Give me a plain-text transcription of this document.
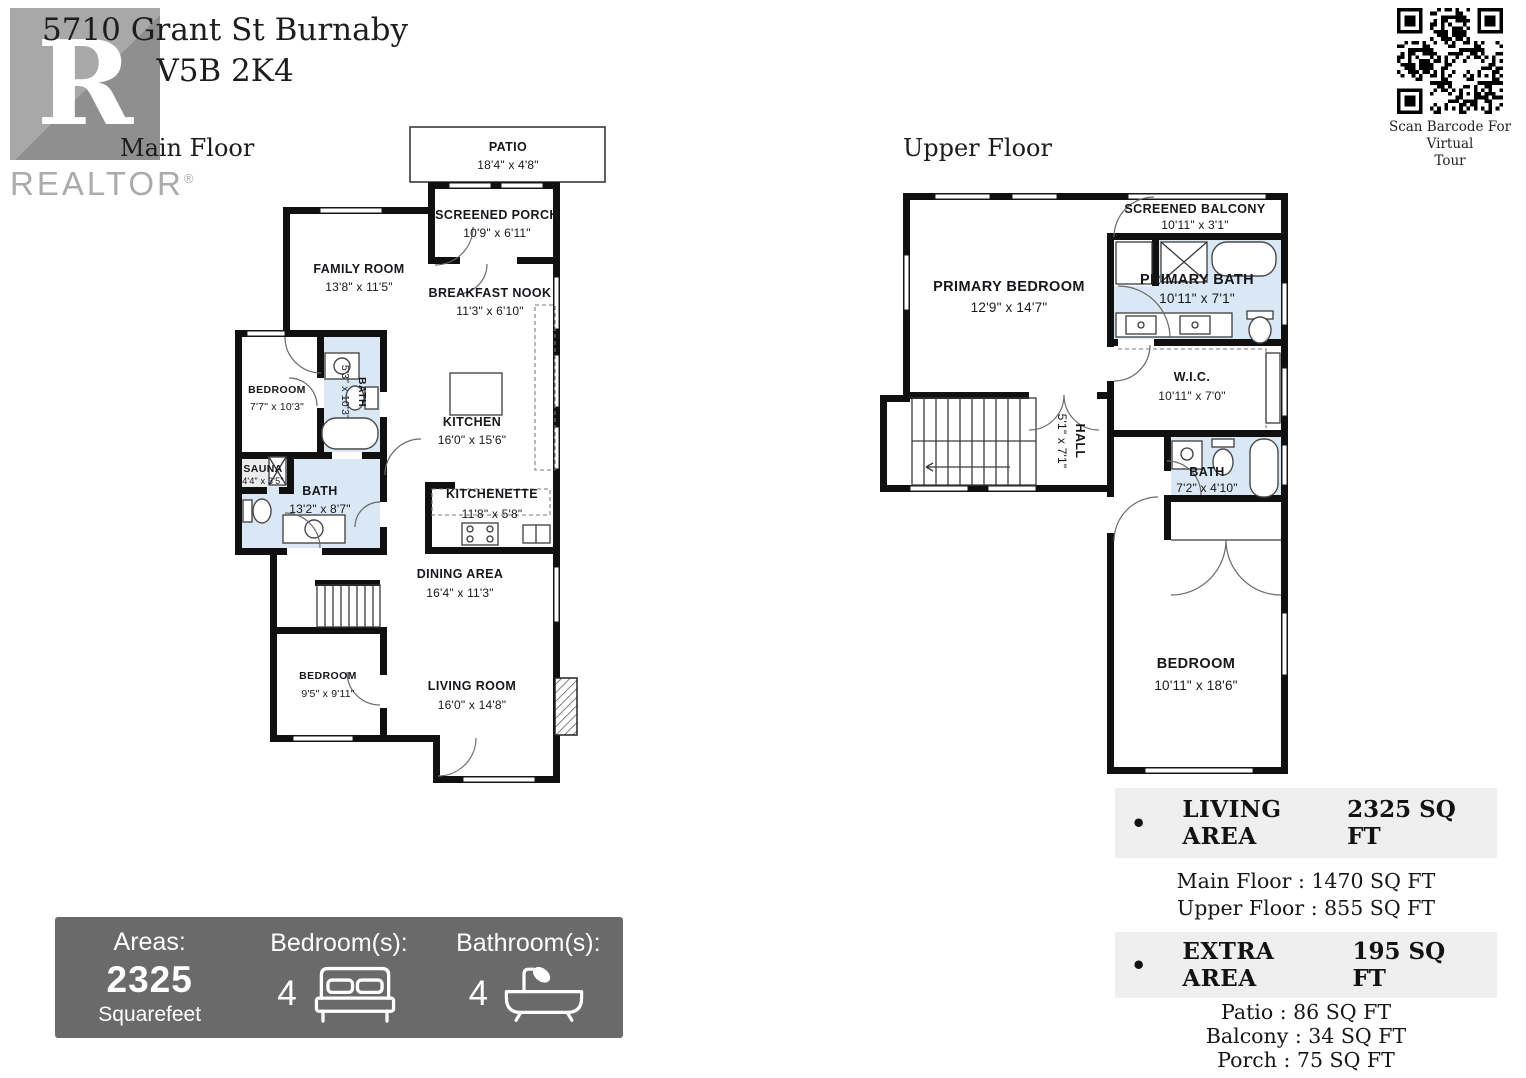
R
REALTOR®
5710 Grant St Burnaby
V5B 2K4
Main Floor	Upper Floor
Scan Barcode For Virtual
Tour
PATIO
18'4" x 4'8"
SCREENED PORCH
10'9" x 6'11"
FAMILY ROOM
13'8" x 11'5"	BREAKFAST NOOK
11'3" x 6'10"
BEDROOM
7'7" x 10'3"
BATH
5'3" x 10'3"
KITCHEN
16'0" x 15'6"
SAUNA
4'4" x 3'5"
BATH
13'2" x 8'7"
KITCHENETTE
11'8" x 5'8"
DINING AREA
16'4" x 11'3"
BEDROOM
9'5" x 9'11"
LIVING ROOM
16'0" x 14'8"
PRIMARY BEDROOM
12'9" x 14'7"
SCREENED BALCONY
10'11" x 3'1"
PRIMARY BATH
10'11" x 7'1"
W.I.C.
10'11" x 7'0"
HALL
5'1" x 7'1"
BATH
7'2" x 4'10"
BEDROOM
10'11" x 18'6"
• LIVING AREA
2325 SQ FT
Main Floor : 1470 SQ FT
Upper Floor : 855 SQ FT
• EXTRA AREA
195 SQ FT
Patio : 86 SQ FT
Balcony : 34 SQ FT
Porch : 75 SQ FT
Areas:
2325
Squarefeet
Bedroom(s):
4
Bathroom(s):
4
